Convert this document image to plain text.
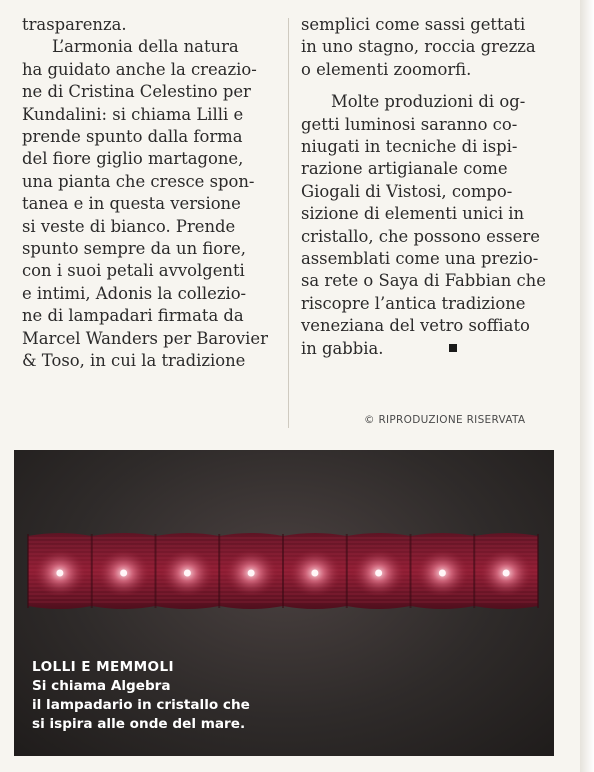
trasparenza.

L’armonia della natura

ha guidato anche la creazio-

ne di Cristina Celestino per

Kundalini: si chiama Lilli e

prende spunto dalla forma

del fiore giglio martagone,

una pianta che cresce spon-

tanea e in questa versione

si veste di bianco. Prende

spunto sempre da un fiore,

con i suoi petali avvolgenti

e intimi, Adonis la collezio-

ne di lampadari firmata da

Marcel Wanders per Barovier

& Toso, in cui la tradizione

semplici come sassi gettati

in uno stagno, roccia grezza

o elementi zoomorfi.

Molte produzioni di og-

getti luminosi saranno co-

niugati in tecniche di ispi-

razione artigianale come

Giogali di Vistosi, compo-

sizione di elementi unici in

cristallo, che possono essere

assemblati come una prezio-

sa rete o Saya di Fabbian che

riscopre l’antica tradizione

veneziana del vetro soffiato

in gabbia.

© RIPRODUZIONE RISERVATA

LOLLI E MEMMOLI

Si chiama Algebra

il lampadario in cristallo che

si ispira alle onde del mare.
